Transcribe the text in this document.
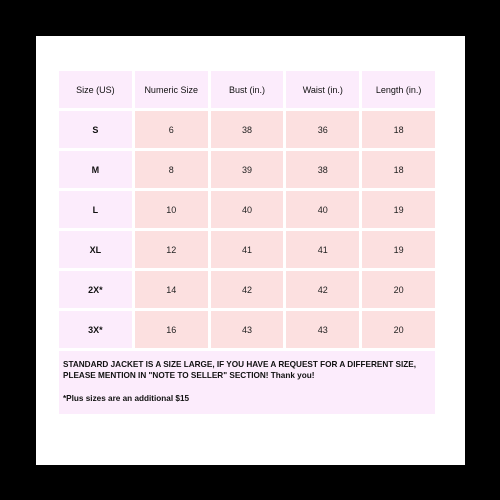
Size (US)	Numeric Size	Bust (in.)	Waist (in.)	Length (in.)
S	6	38	36	18
M	8	39	38	18
L	10	40	40	19
XL	12	41	41	19
2X*	14	42	42	20
3X*	16	43	43	20

STANDARD JACKET IS A SIZE LARGE, IF YOU HAVE A REQUEST FOR A DIFFERENT SIZE, PLEASE MENTION IN "NOTE TO SELLER" SECTION! Thank you!

*Plus sizes are an additional $15
